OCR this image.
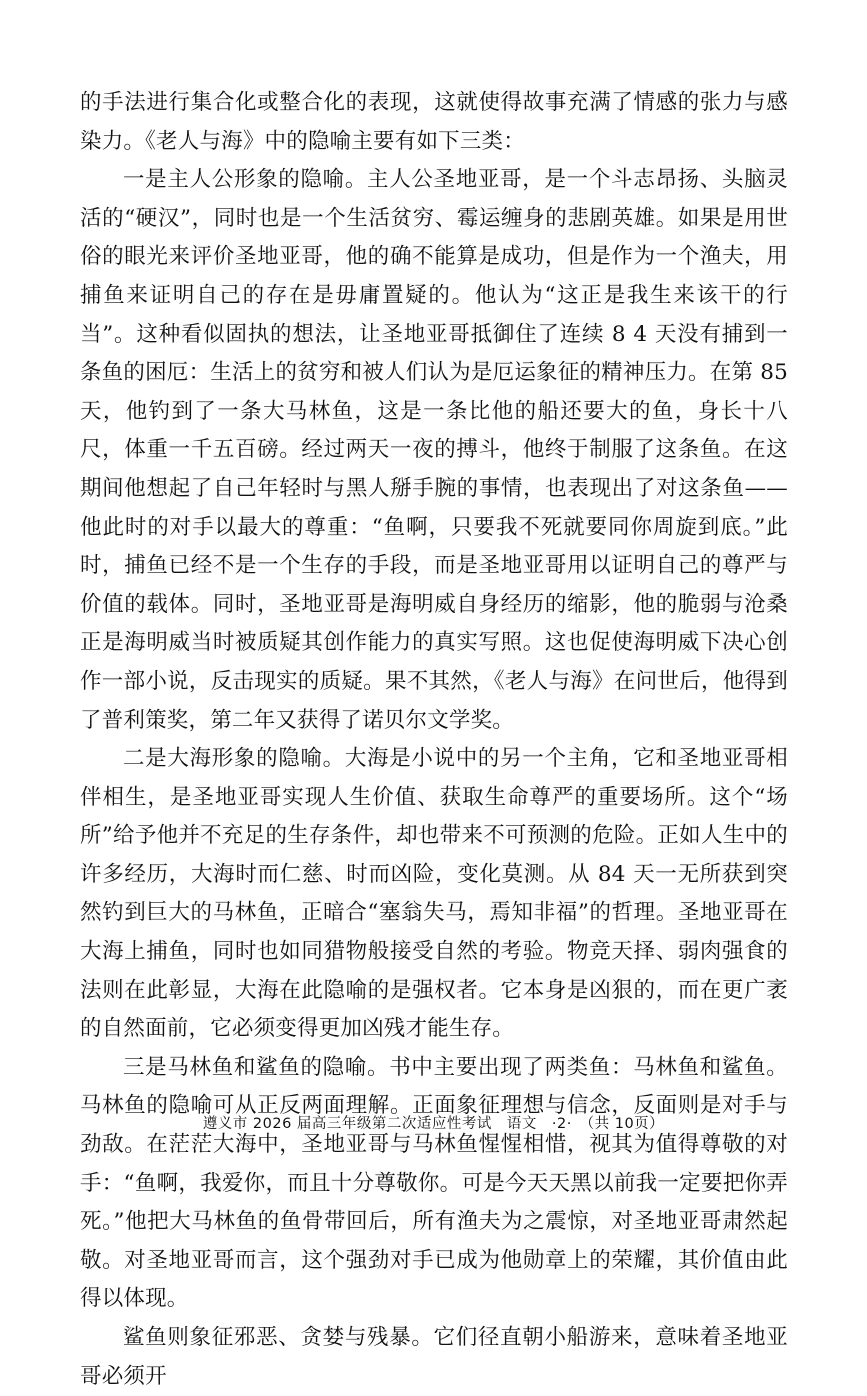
的手法进行集合化或整合化的表现，这就使得故事充满了情感的张力与感染力。《老人与海》中的隐喻主要有如下三类：

一是主人公形象的隐喻。主人公圣地亚哥，是一个斗志昂扬、头脑灵活的“硬汉”，同时也是一个生活贫穷、霉运缠身的悲剧英雄。如果是用世俗的眼光来评价圣地亚哥，他的确不能算是成功，但是作为一个渔夫，用捕鱼来证明自己的存在是毋庸置疑的。他认为“这正是我生来该干的行当”。这种看似固执的想法，让圣地亚哥抵御住了连续 8 4 天没有捕到一条鱼的困厄：生活上的贫穷和被人们认为是厄运象征的精神压力。在第 85 天，他钓到了一条大马林鱼，这是一条比他的船还要大的鱼，身长十八尺，体重一千五百磅。经过两天一夜的搏斗，他终于制服了这条鱼。在这期间他想起了自己年轻时与黑人掰手腕的事情，也表现出了对这条鱼——他此时的对手以最大的尊重：“鱼啊，只要我不死就要同你周旋到底。”此时，捕鱼已经不是一个生存的手段，而是圣地亚哥用以证明自己的尊严与价值的载体。同时，圣地亚哥是海明威自身经历的缩影，他的脆弱与沧桑正是海明威当时被质疑其创作能力的真实写照。这也促使海明威下决心创作一部小说，反击现实的质疑。果不其然，《老人与海》在问世后，他得到了普利策奖，第二年又获得了诺贝尔文学奖。

二是大海形象的隐喻。大海是小说中的另一个主角，它和圣地亚哥相伴相生，是圣地亚哥实现人生价值、获取生命尊严的重要场所。这个“场所”给予他并不充足的生存条件，却也带来不可预测的危险。正如人生中的许多经历，大海时而仁慈、时而凶险，变化莫测。从 84 天一无所获到突然钓到巨大的马林鱼，正暗合“塞翁失马，焉知非福”的哲理。圣地亚哥在大海上捕鱼，同时也如同猎物般接受自然的考验。物竞天择、弱肉强食的法则在此彰显，大海在此隐喻的是强权者。它本身是凶狠的，而在更广袤的自然面前，它必须变得更加凶残才能生存。

三是马林鱼和鲨鱼的隐喻。书中主要出现了两类鱼：马林鱼和鲨鱼。马林鱼的隐喻可从正反两面理解。正面象征理想与信念，反面则是对手与劲敌。在茫茫大海中，圣地亚哥与马林鱼惺惺相惜，视其为值得尊敬的对手：“鱼啊，我爱你，而且十分尊敬你。可是今天天黑以前我一定要把你弄死。”他把大马林鱼的鱼骨带回后，所有渔夫为之震惊，对圣地亚哥肃然起敬。对圣地亚哥而言，这个强劲对手已成为他勋章上的荣耀，其价值由此得以体现。

鲨鱼则象征邪恶、贪婪与残暴。它们径直朝小船游来，意味着圣地亚哥必须开

遵义市 2026 届高三年级第二次适应性考试　语文　·2·　（共 10页）
